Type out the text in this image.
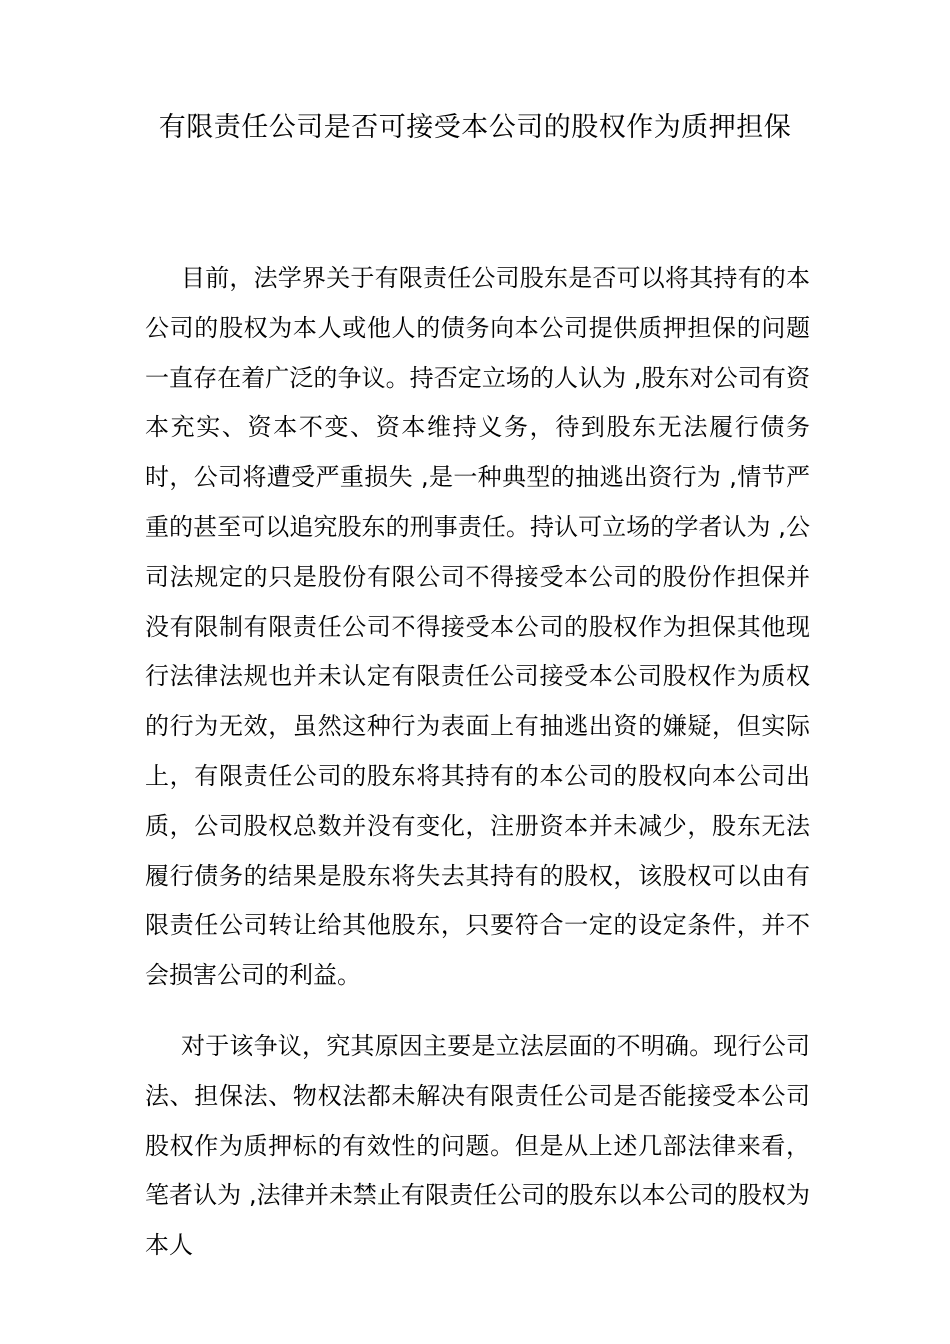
有限责任公司是否可接受本公司的股权作为质押担保

目前，法学界关于有限责任公司股东是否可以将其持有的本公司的股权为本人或他人的债务向本公司提供质押担保的问题一直存在着广泛的争议。持否定立场的人认为 ,股东对公司有资本充实、资本不变、资本维持义务，待到股东无法履行债务时，公司将遭受严重损失 ,是一种典型的抽逃出资行为 ,情节严重的甚至可以追究股东的刑事责任。持认可立场的学者认为 ,公司法规定的只是股份有限公司不得接受本公司的股份作担保并没有限制有限责任公司不得接受本公司的股权作为担保其他现行法律法规也并未认定有限责任公司接受本公司股权作为质权的行为无效，虽然这种行为表面上有抽逃出资的嫌疑，但实际上，有限责任公司的股东将其持有的本公司的股权向本公司出质，公司股权总数并没有变化，注册资本并未减少，股东无法履行债务的结果是股东将失去其持有的股权，该股权可以由有限责任公司转让给其他股东，只要符合一定的设定条件，并不会损害公司的利益。

对于该争议，究其原因主要是立法层面的不明确。现行公司法、担保法、物权法都未解决有限责任公司是否能接受本公司股权作为质押标的有效性的问题。但是从上述几部法律来看，笔者认为 ,法律并未禁止有限责任公司的股东以本公司的股权为本人
